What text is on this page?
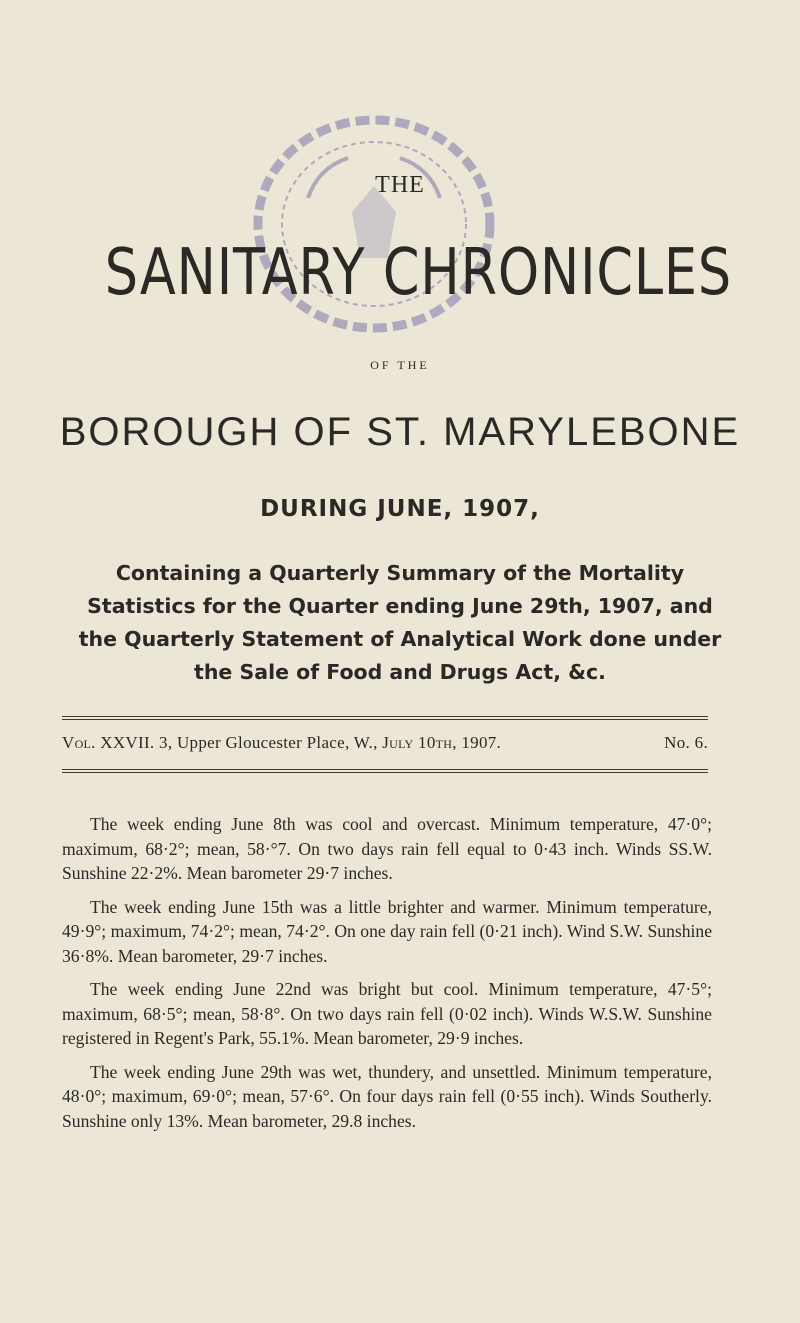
THE
SANITARY CHRONICLES
OF THE
BOROUGH OF ST. MARYLEBONE
DURING JUNE, 1907,
Containing a Quarterly Summary of the Mortality Statistics for the Quarter ending June 29th, 1907, and the Quarterly Statement of Analytical Work done under the Sale of Food and Drugs Act, &c.
Vol. XXVII. 3, Upper Gloucester Place, W., July 10th, 1907.	No. 6.

The week ending June 8th was cool and overcast. Minimum temperature, 47·0°; maximum, 68·2°; mean, 58·°7. On two days rain fell equal to 0·43 inch. Winds SS.W. Sunshine 22·2%. Mean barometer 29·7 inches.

The week ending June 15th was a little brighter and warmer. Minimum temperature, 49·9°; maximum, 74·2°; mean, 74·2°. On one day rain fell (0·21 inch). Wind S.W. Sunshine 36·8%. Mean barometer, 29·7 inches.

The week ending June 22nd was bright but cool. Minimum temperature, 47·5°; maximum, 68·5°; mean, 58·8°. On two days rain fell (0·02 inch). Winds W.S.W. Sunshine registered in Regent's Park, 55.1%. Mean barometer, 29·9 inches.

The week ending June 29th was wet, thundery, and unsettled. Minimum temperature, 48·0°; maximum, 69·0°; mean, 57·6°. On four days rain fell (0·55 inch). Winds Southerly. Sunshine only 13%. Mean barometer, 29.8 inches.
